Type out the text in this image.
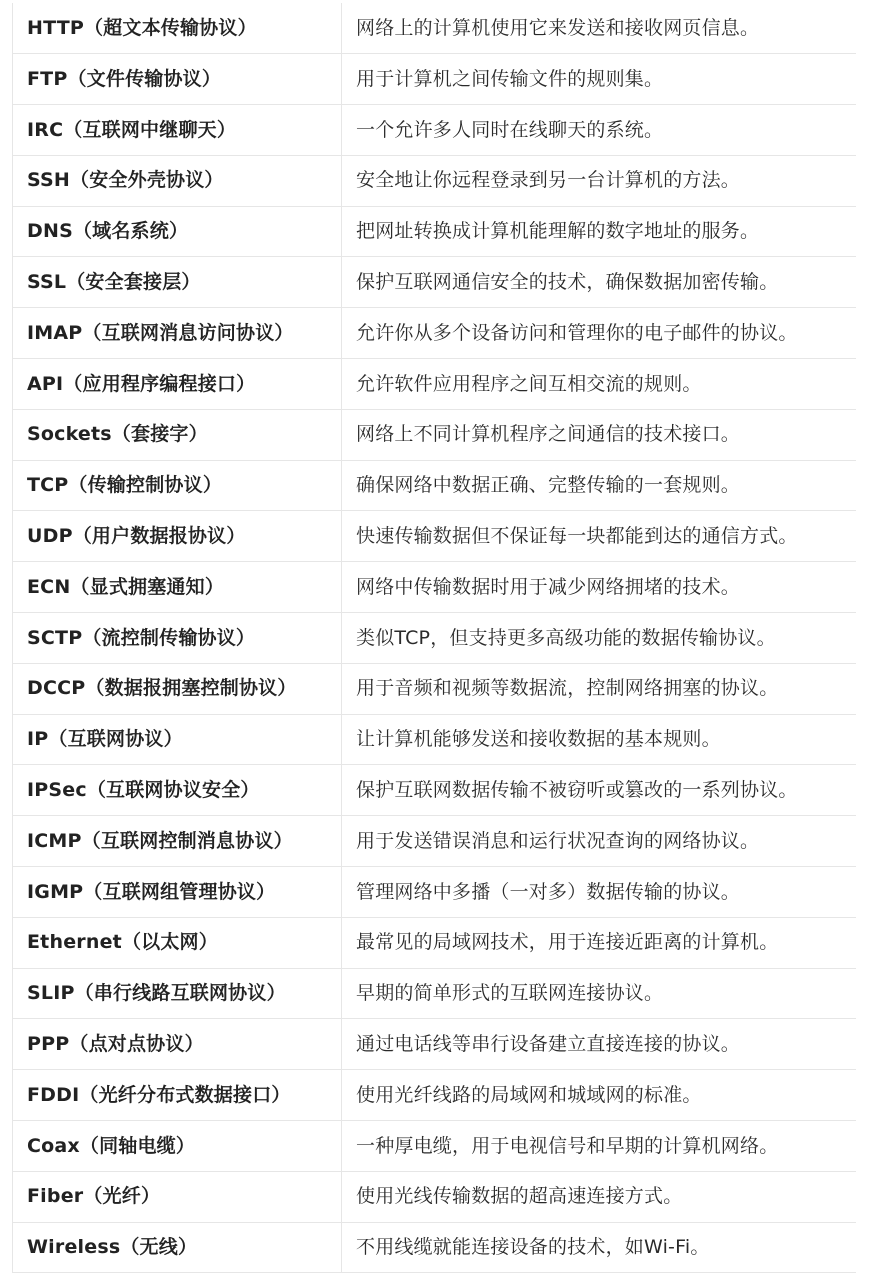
HTTP（超文本传输协议）	网络上的计算机使用它来发送和接收网页信息。
FTP（文件传输协议）	用于计算机之间传输文件的规则集。
IRC（互联网中继聊天）	一个允许多人同时在线聊天的系统。
SSH（安全外壳协议）	安全地让你远程登录到另一台计算机的方法。
DNS（域名系统）	把网址转换成计算机能理解的数字地址的服务。
SSL（安全套接层）	保护互联网通信安全的技术，确保数据加密传输。
IMAP（互联网消息访问协议）	允许你从多个设备访问和管理你的电子邮件的协议。
API（应用程序编程接口）	允许软件应用程序之间互相交流的规则。
Sockets（套接字）	网络上不同计算机程序之间通信的技术接口。
TCP（传输控制协议）	确保网络中数据正确、完整传输的一套规则。
UDP（用户数据报协议）	快速传输数据但不保证每一块都能到达的通信方式。
ECN（显式拥塞通知）	网络中传输数据时用于减少网络拥堵的技术。
SCTP（流控制传输协议）	类似TCP，但支持更多高级功能的数据传输协议。
DCCP（数据报拥塞控制协议）	用于音频和视频等数据流，控制网络拥塞的协议。
IP（互联网协议）	让计算机能够发送和接收数据的基本规则。
IPSec（互联网协议安全）	保护互联网数据传输不被窃听或篡改的一系列协议。
ICMP（互联网控制消息协议）	用于发送错误消息和运行状况查询的网络协议。
IGMP（互联网组管理协议）	管理网络中多播（一对多）数据传输的协议。
Ethernet（以太网）	最常见的局域网技术，用于连接近距离的计算机。
SLIP（串行线路互联网协议）	早期的简单形式的互联网连接协议。
PPP（点对点协议）	通过电话线等串行设备建立直接连接的协议。
FDDI（光纤分布式数据接口）	使用光纤线路的局域网和城域网的标准。
Coax（同轴电缆）	一种厚电缆，用于电视信号和早期的计算机网络。
Fiber（光纤）	使用光线传输数据的超高速连接方式。
Wireless（无线）	不用线缆就能连接设备的技术，如Wi-Fi。
